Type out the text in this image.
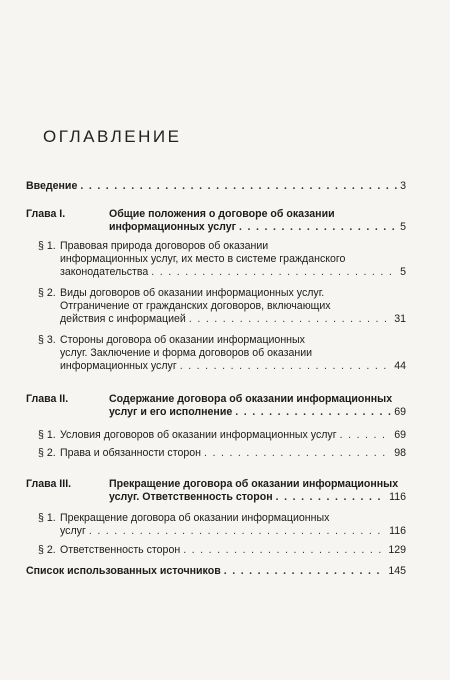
ОГЛАВЛЕНИЕ
Введение . . .	3
Глава I.	Общие положения о договоре об оказании
информационных услуг . . .	5
§ 1. Правовая природа договоров об оказании
информационных услуг, их место в системе гражданского
законодательства . . .	5
§ 2. Виды договоров об оказании информационных услуг.
Отграничение от гражданских договоров, включающих
действия с информацией . . .	31
§ 3. Стороны договора об оказании информационных
услуг. Заключение и форма договоров об оказании
информационных услуг . . .	44
Глава II.	Содержание договора об оказании информационных
услуг и его исполнение . . .	69
§ 1. Условия договоров об оказании информационных услуг . . .	69
§ 2. Права и обязанности сторон . . .	98
Глава III.	Прекращение договора об оказании информационных
услуг. Ответственность сторон . . .	116
§ 1. Прекращение договора об оказании информационных
услуг . . .	116
§ 2. Ответственность сторон . . .	129
Список использованных источников . . .	145
